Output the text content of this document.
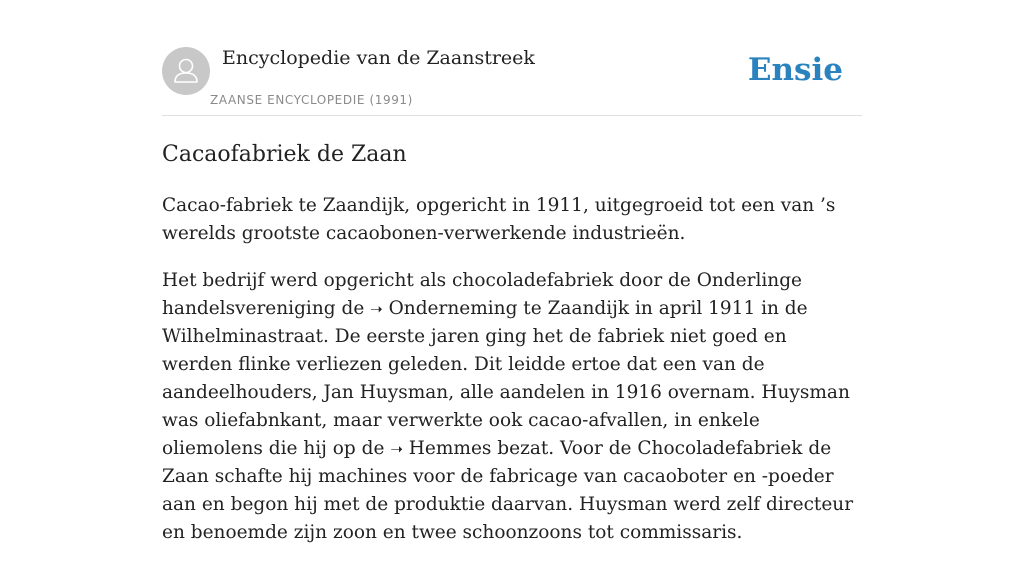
Encyclopedie van de Zaanstreek
ZAANSE ENCYCLOPEDIE (1991)
Ensie
Cacaofabriek de Zaan

Cacao-fabriek te Zaandijk, opgericht in 1911, uitgegroeid tot een van ’s werelds grootste cacaobonen-verwerkende industrieën.

Het bedrijf werd opgericht als chocoladefabriek door de Onderlinge handelsvereniging de ➝ Onderneming te Zaandijk in april 1911 in de Wilhelminastraat. De eerste jaren ging het de fabriek niet goed en werden flinke verliezen geleden. Dit leidde ertoe dat een van de aandeelhouders, Jan Huysman, alle aandelen in 1916 overnam. Huysman was oliefabnkant, maar verwerkte ook cacao-afvallen, in enkele oliemolens die hij op de ➝ Hemmes bezat. Voor de Chocoladefabriek de Zaan schafte hij machines voor de fabricage van cacaoboter en -poeder aan en begon hij met de produktie daarvan. Huysman werd zelf directeur en benoemde zijn zoon en twee schoonzoons tot commissaris.
